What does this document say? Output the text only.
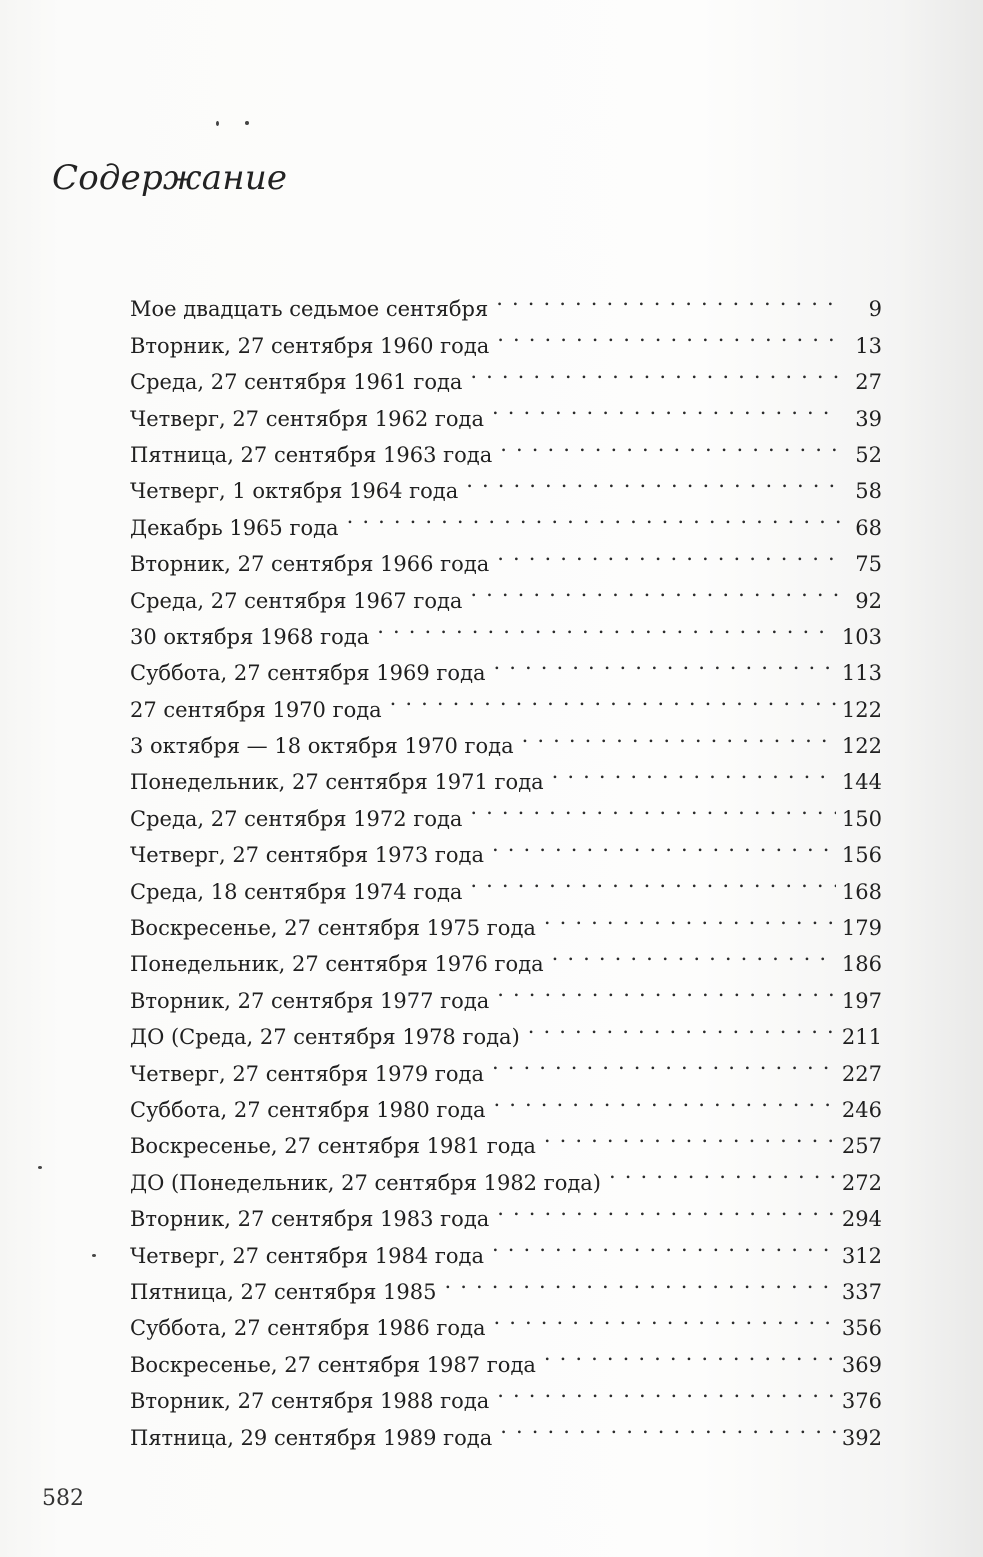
Содержание
Мое двадцать седьмое сентября . . .	9
Вторник, 27 сентября 1960 года . . .	13
Среда, 27 сентября 1961 года . . .	27
Четверг, 27 сентября 1962 года . . .	39
Пятница, 27 сентября 1963 года . . .	52
Четверг, 1 октября 1964 года . . .	58
Декабрь 1965 года . . .	68
Вторник, 27 сентября 1966 года . . .	75
Среда, 27 сентября 1967 года . . .	92
30 октября 1968 года . . .	103
Суббота, 27 сентября 1969 года . . .	113
27 сентября 1970 года . . .	122
3 октября — 18 октября 1970 года . . .	122
Понедельник, 27 сентября 1971 года . . .	144
Среда, 27 сентября 1972 года . . .	150
Четверг, 27 сентября 1973 года . . .	156
Среда, 18 сентября 1974 года . . .	168
Воскресенье, 27 сентября 1975 года . . .	179
Понедельник, 27 сентября 1976 года . . .	186
Вторник, 27 сентября 1977 года . . .	197
ДО (Среда, 27 сентября 1978 года) . . .	211
Четверг, 27 сентября 1979 года . . .	227
Суббота, 27 сентября 1980 года . . .	246
Воскресенье, 27 сентября 1981 года . . .	257
ДО (Понедельник, 27 сентября 1982 года) . . .	272
Вторник, 27 сентября 1983 года . . .	294
Четверг, 27 сентября 1984 года . . .	312
Пятница, 27 сентября 1985 . . .	337
Суббота, 27 сентября 1986 года . . .	356
Воскресенье, 27 сентября 1987 года . . .	369
Вторник, 27 сентября 1988 года . . .	376
Пятница, 29 сентября 1989 года . . .	392
582
